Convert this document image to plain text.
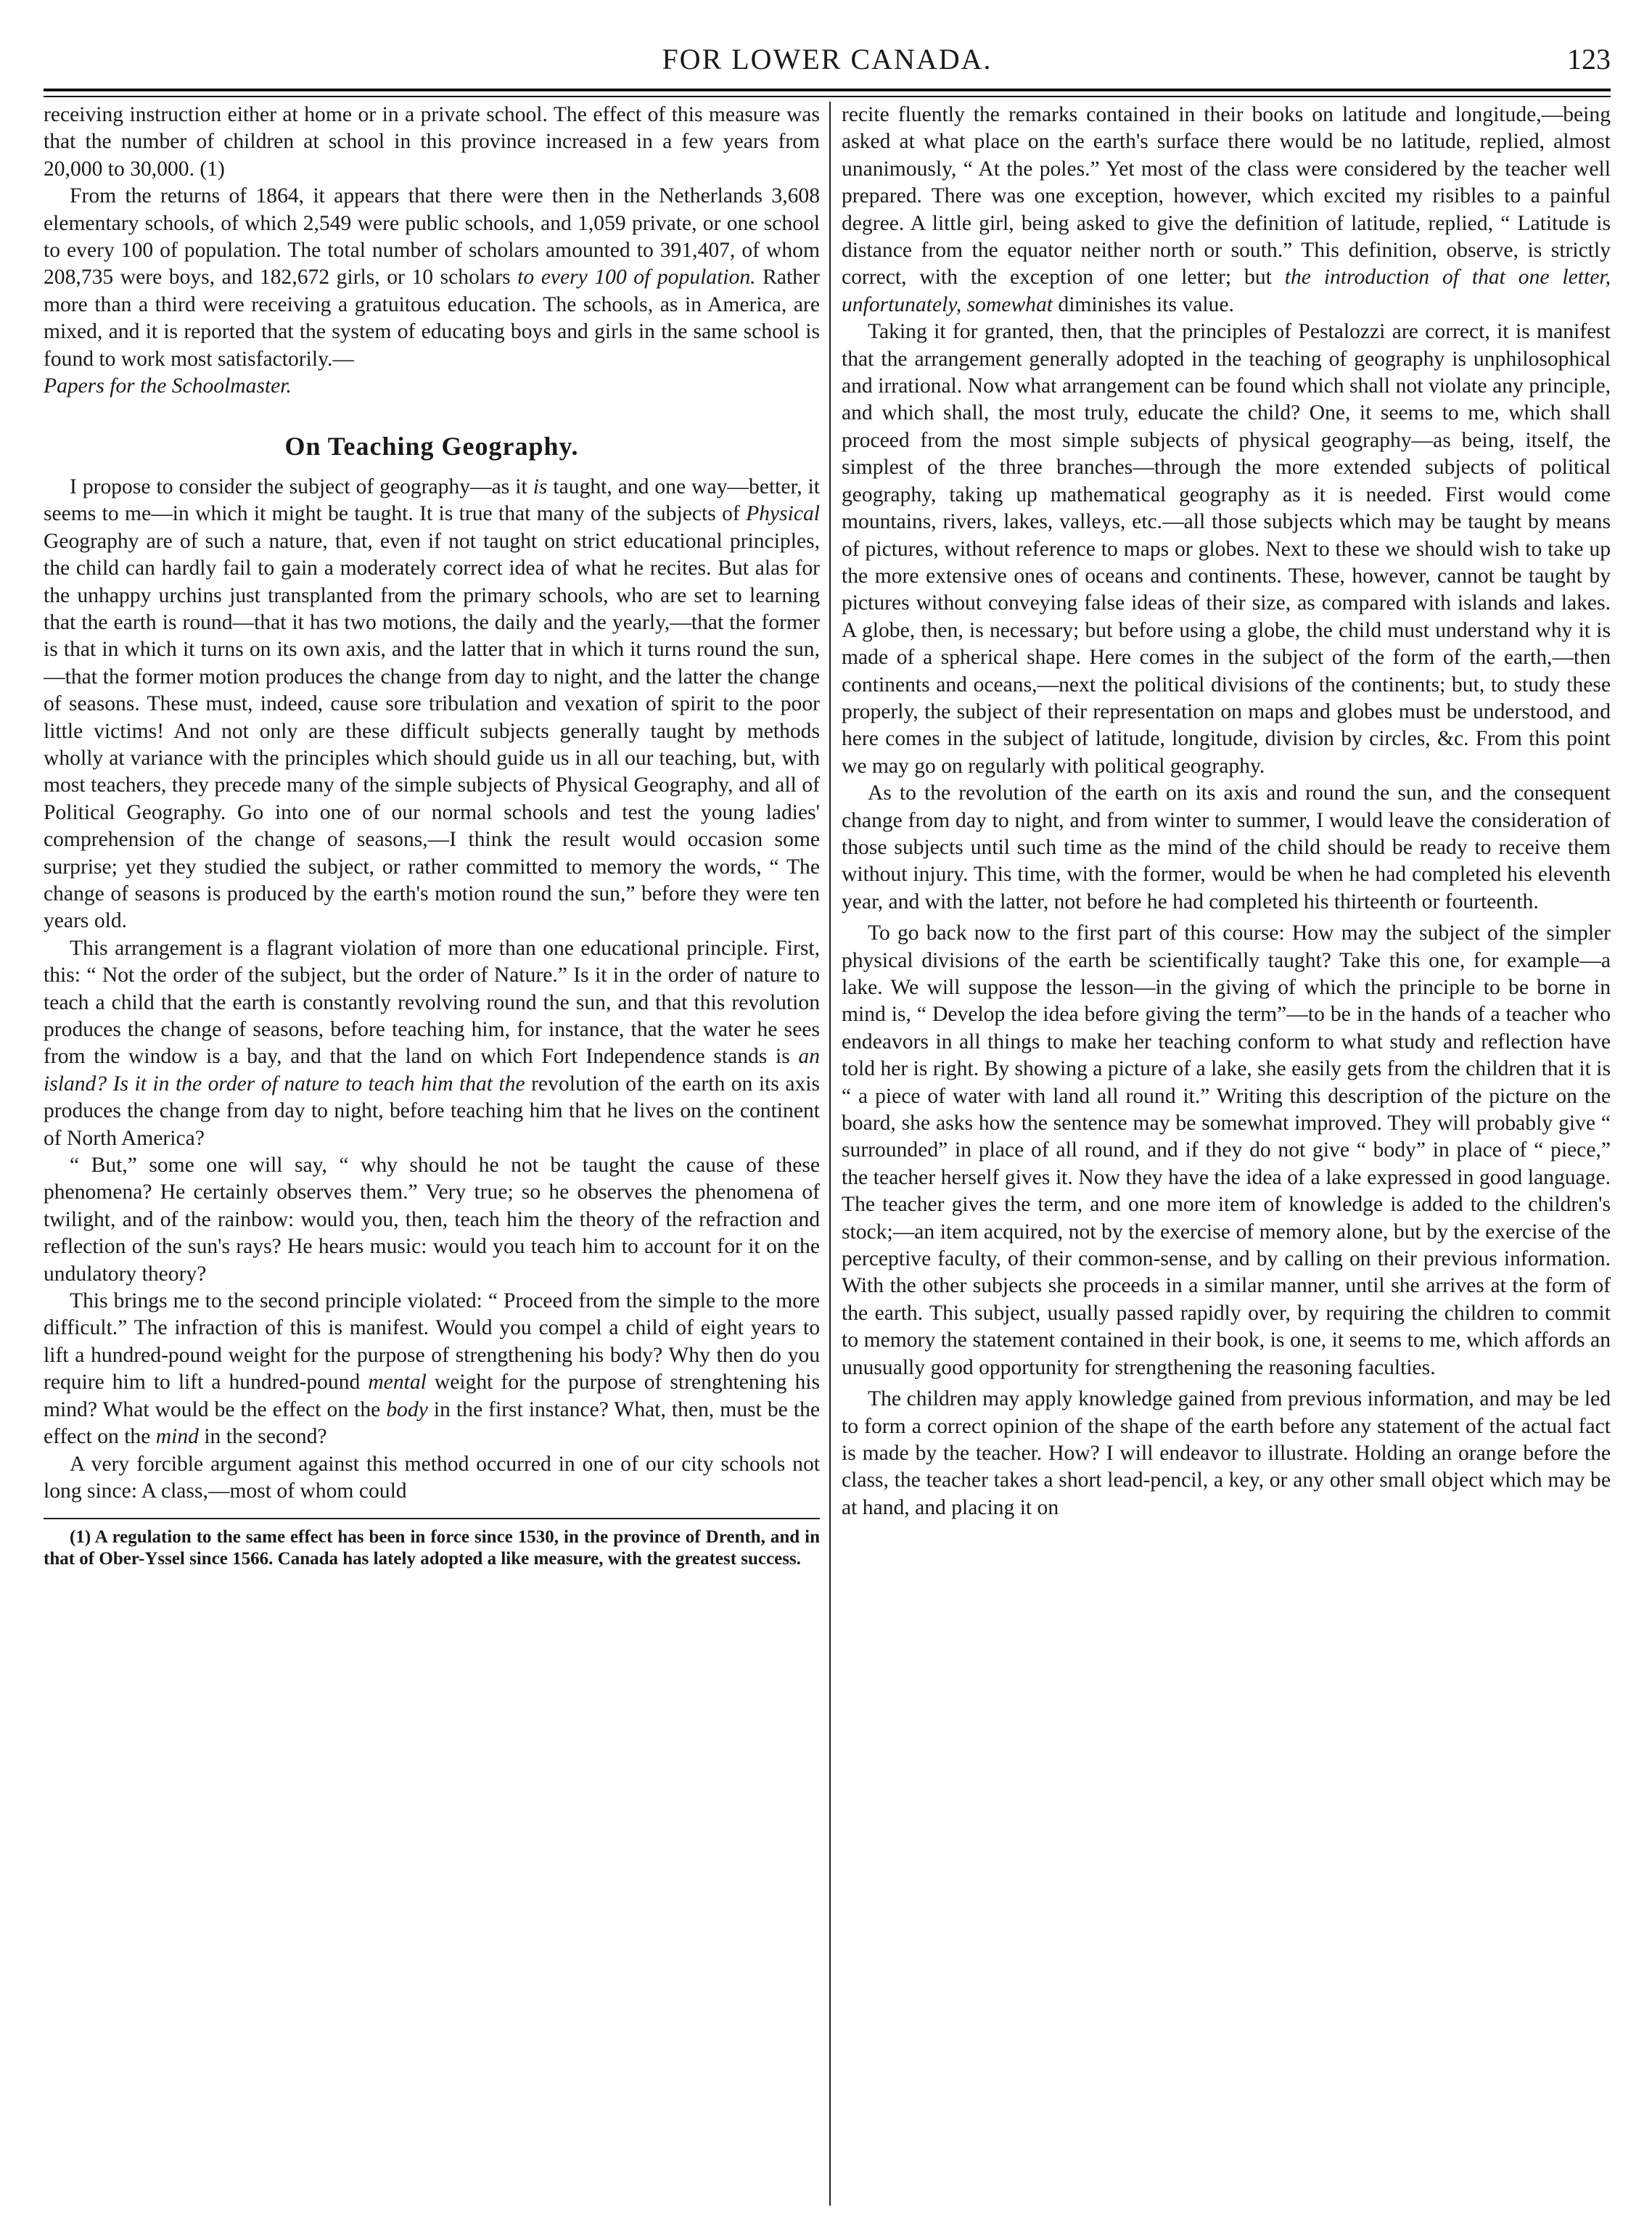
FOR LOWER CANADA.	123

receiving instruction either at home or in a private school. The effect of this measure was that the number of children at school in this province increased in a few years from 20,000 to 30,000. (1)

From the returns of 1864, it appears that there were then in the Netherlands 3,608 elementary schools, of which 2,549 were public schools, and 1,059 private, or one school to every 100 of population. The total number of scholars amounted to 391,407, of whom 208,735 were boys, and 182,672 girls, or 10 scholars to every 100 of population. Rather more than a third were receiving a gratuitous education. The schools, as in America, are mixed, and it is reported that the system of educating boys and girls in the same school is found to work most satisfactorily.—
Papers for the Schoolmaster.

On Teaching Geography.

I propose to consider the subject of geography—as it is taught, and one way—better, it seems to me—in which it might be taught. It is true that many of the subjects of Physical Geography are of such a nature, that, even if not taught on strict educational principles, the child can hardly fail to gain a moderately correct idea of what he recites. But alas for the unhappy urchins just transplanted from the primary schools, who are set to learning that the earth is round—that it has two motions, the daily and the yearly,—that the former is that in which it turns on its own axis, and the latter that in which it turns round the sun,—that the former motion produces the change from day to night, and the latter the change of seasons. These must, indeed, cause sore tribulation and vexation of spirit to the poor little victims! And not only are these difficult subjects generally taught by methods wholly at variance with the principles which should guide us in all our teaching, but, with most teachers, they precede many of the simple subjects of Physical Geography, and all of Political Geography. Go into one of our normal schools and test the young ladies' comprehension of the change of seasons,—I think the result would occasion some surprise; yet they studied the subject, or rather committed to memory the words, “ The change of seasons is produced by the earth's motion round the sun,” before they were ten years old.

This arrangement is a flagrant violation of more than one educational principle. First, this: “ Not the order of the subject, but the order of Nature.” Is it in the order of nature to teach a child that the earth is constantly revolving round the sun, and that this revolution produces the change of seasons, before teaching him, for instance, that the water he sees from the window is a bay, and that the land on which Fort Independence stands is an island? Is it in the order of nature to teach him that the revolution of the earth on its axis produces the change from day to night, before teaching him that he lives on the continent of North America?

“ But,” some one will say, “ why should he not be taught the cause of these phenomena? He certainly observes them.” Very true; so he observes the phenomena of twilight, and of the rainbow: would you, then, teach him the theory of the refraction and reflection of the sun's rays? He hears music: would you teach him to account for it on the undulatory theory?

This brings me to the second principle violated: “ Proceed from the simple to the more difficult.” The infraction of this is manifest. Would you compel a child of eight years to lift a hundred-pound weight for the purpose of strengthening his body? Why then do you require him to lift a hundred-pound mental weight for the purpose of strenghtening his mind? What would be the effect on the body in the first instance? What, then, must be the effect on the mind in the second?

A very forcible argument against this method occurred in one of our city schools not long since: A class,—most of whom could

(1) A regulation to the same effect has been in force since 1530, in the province of Drenth, and in that of Ober-Yssel since 1566. Canada has lately adopted a like measure, with the greatest success.

recite fluently the remarks contained in their books on latitude and longitude,—being asked at what place on the earth's surface there would be no latitude, replied, almost unanimously, “ At the poles.” Yet most of the class were considered by the teacher well prepared. There was one exception, however, which excited my risibles to a painful degree. A little girl, being asked to give the definition of latitude, replied, “ Latitude is distance from the equator neither north or south.” This definition, observe, is strictly correct, with the exception of one letter; but the introduction of that one letter, unfortunately, somewhat diminishes its value.

Taking it for granted, then, that the principles of Pestalozzi are correct, it is manifest that the arrangement generally adopted in the teaching of geography is unphilosophical and irrational. Now what arrangement can be found which shall not violate any principle, and which shall, the most truly, educate the child? One, it seems to me, which shall proceed from the most simple subjects of physical geography—as being, itself, the simplest of the three branches—through the more extended subjects of political geography, taking up mathematical geography as it is needed. First would come mountains, rivers, lakes, valleys, etc.—all those subjects which may be taught by means of pictures, without reference to maps or globes. Next to these we should wish to take up the more extensive ones of oceans and continents. These, however, cannot be taught by pictures without conveying false ideas of their size, as compared with islands and lakes. A globe, then, is necessary; but before using a globe, the child must understand why it is made of a spherical shape. Here comes in the subject of the form of the earth,—then continents and oceans,—next the political divisions of the continents; but, to study these properly, the subject of their representation on maps and globes must be understood, and here comes in the subject of latitude, longitude, division by circles, &c. From this point we may go on regularly with political geography.

As to the revolution of the earth on its axis and round the sun, and the consequent change from day to night, and from winter to summer, I would leave the consideration of those subjects until such time as the mind of the child should be ready to receive them without injury. This time, with the former, would be when he had completed his eleventh year, and with the latter, not before he had completed his thirteenth or fourteenth.

To go back now to the first part of this course: How may the subject of the simpler physical divisions of the earth be scientifically taught? Take this one, for example—a lake. We will suppose the lesson—in the giving of which the principle to be borne in mind is, “ Develop the idea before giving the term”—to be in the hands of a teacher who endeavors in all things to make her teaching conform to what study and reflection have told her is right. By showing a picture of a lake, she easily gets from the children that it is “ a piece of water with land all round it.” Writing this description of the picture on the board, she asks how the sentence may be somewhat improved. They will probably give “ surrounded” in place of all round, and if they do not give “ body” in place of “ piece,” the teacher herself gives it. Now they have the idea of a lake expressed in good language. The teacher gives the term, and one more item of knowledge is added to the children's stock;—an item acquired, not by the exercise of memory alone, but by the exercise of the perceptive faculty, of their common-sense, and by calling on their previous information. With the other subjects she proceeds in a similar manner, until she arrives at the form of the earth. This subject, usually passed rapidly over, by requiring the children to commit to memory the statement contained in their book, is one, it seems to me, which affords an unusually good opportunity for strengthening the reasoning faculties.

The children may apply knowledge gained from previous information, and may be led to form a correct opinion of the shape of the earth before any statement of the actual fact is made by the teacher. How? I will endeavor to illustrate. Holding an orange before the class, the teacher takes a short lead-pencil, a key, or any other small object which may be at hand, and placing it on
